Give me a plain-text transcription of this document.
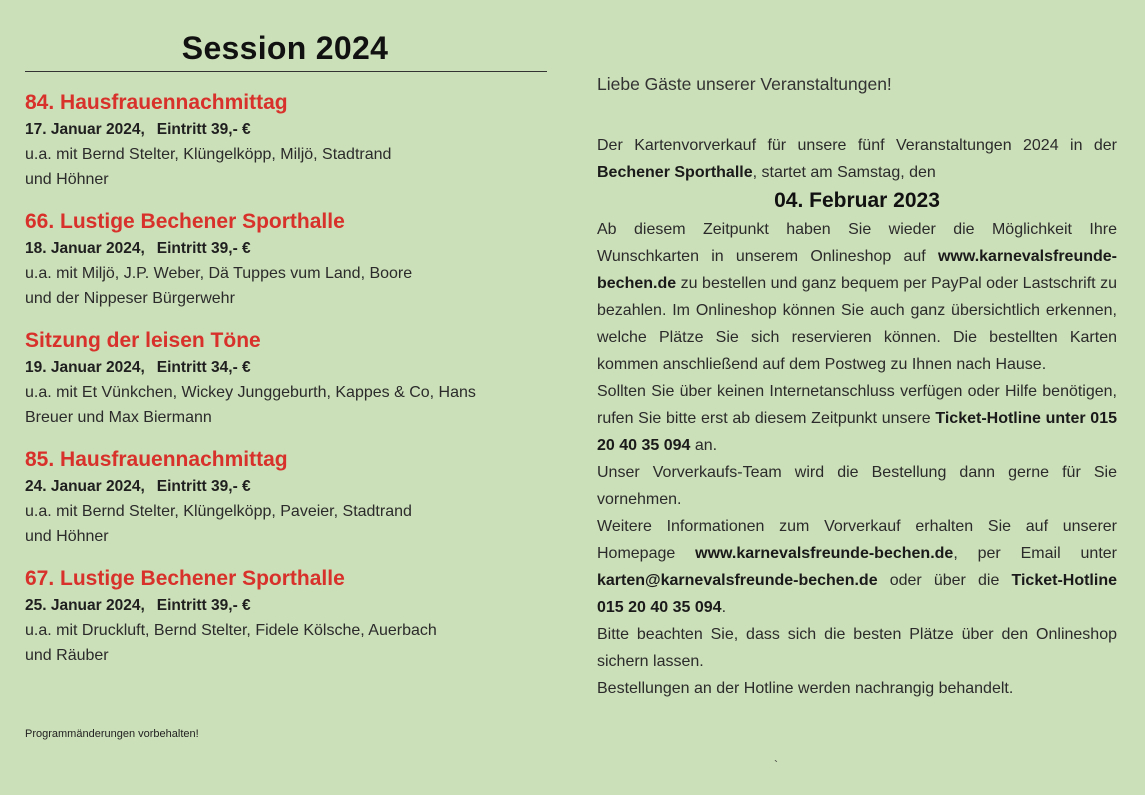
Session 2024
84. Hausfrauennachmittag
17. Januar 2024, Eintritt 39,- €
u.a. mit Bernd Stelter, Klüngelköpp, Miljö, Stadtrand
und Höhner
66. Lustige Bechener Sporthalle
18. Januar 2024, Eintritt 39,- €
u.a. mit Miljö, J.P. Weber, Dä Tuppes vum Land, Boore
und der Nippeser Bürgerwehr
Sitzung der leisen Töne
19. Januar 2024, Eintritt 34,- €
u.a. mit Et Vünkchen, Wickey Junggeburth, Kappes & Co, Hans
Breuer und Max Biermann
85. Hausfrauennachmittag
24. Januar 2024, Eintritt 39,- €
u.a. mit Bernd Stelter, Klüngelköpp, Paveier, Stadtrand
und Höhner
67. Lustige Bechener Sporthalle
25. Januar 2024, Eintritt 39,- €
u.a. mit Druckluft, Bernd Stelter, Fidele Kölsche, Auerbach
und Räuber
Programmänderungen vorbehalten!
Liebe Gäste unserer Veranstaltungen!
Der Kartenvorverkauf für unsere fünf Veranstaltungen 2024 in der Bechener Sporthalle, startet am Samstag, den
04. Februar 2023
Ab diesem Zeitpunkt haben Sie wieder die Möglichkeit Ihre Wunschkarten in unserem Onlineshop auf www.karnevalsfreunde-bechen.de zu bestellen und ganz bequem per PayPal oder Lastschrift zu bezahlen. Im Onlineshop können Sie auch ganz übersichtlich erkennen, welche Plätze Sie sich reservieren können. Die bestellten Karten kommen anschließend auf dem Postweg zu Ihnen nach Hause.
Sollten Sie über keinen Internetanschluss verfügen oder Hilfe benötigen, rufen Sie bitte erst ab diesem Zeitpunkt unsere Ticket-Hotline unter 015 20 40 35 094 an.
Unser Vorverkaufs-Team wird die Bestellung dann gerne für Sie vornehmen.
Weitere Informationen zum Vorverkauf erhalten Sie auf unserer Homepage www.karnevalsfreunde-bechen.de, per Email unter karten@karnevalsfreunde-bechen.de oder über die Ticket-Hotline 015 20 40 35 094.
Bitte beachten Sie, dass sich die besten Plätze über den Onlineshop sichern lassen.
Bestellungen an der Hotline werden nachrangig behandelt.
`
